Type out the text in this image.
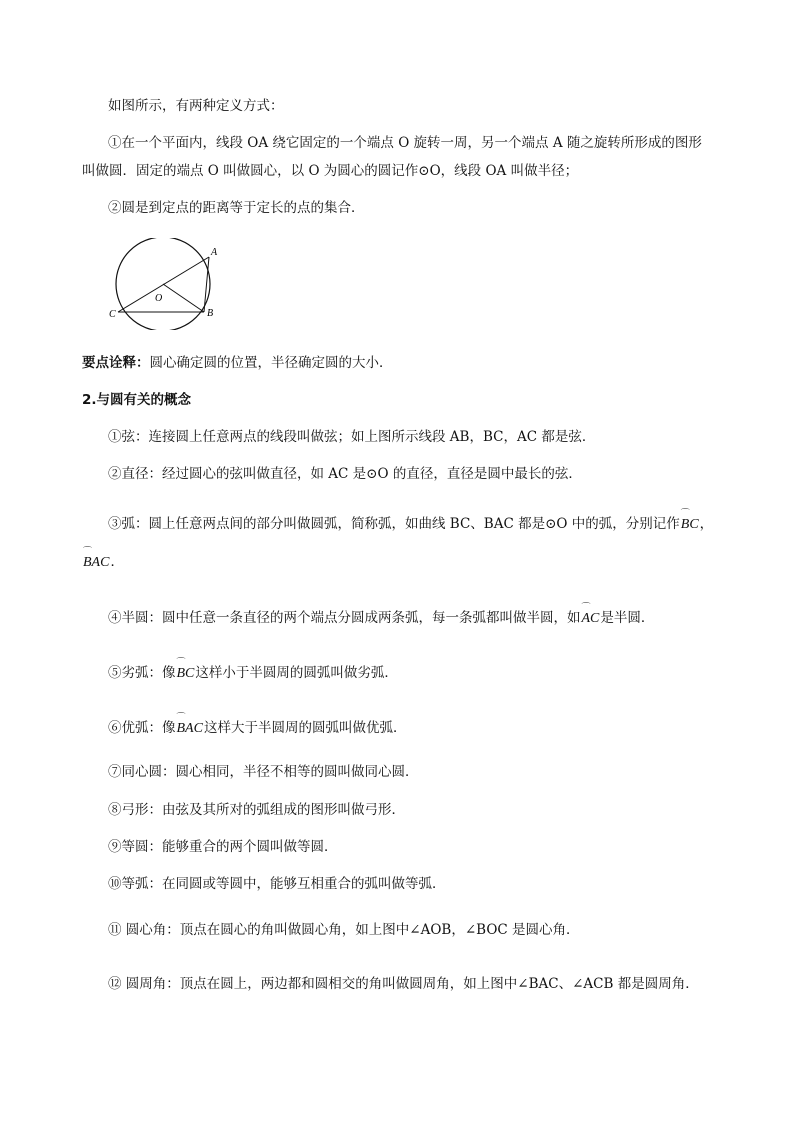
如图所示，有两种定义方式：
①在一个平面内，线段 OA 绕它固定的一个端点 O 旋转一周，另一个端点 A 随之旋转所形成的图形
叫做圆．固定的端点 O 叫做圆心，以 O 为圆心的圆记作⊙O，线段 OA 叫做半径；
②圆是到定点的距离等于定长的点的集合．
A
B
C
O
要点诠释：圆心确定圆的位置，半径确定圆的大小．
2.与圆有关的概念
①弦：连接圆上任意两点的线段叫做弦；如上图所示线段 AB，BC，AC 都是弦．
②直径：经过圆心的弦叫做直径，如 AC 是⊙O 的直径，直径是圆中最长的弦．
③弧：圆上任意两点间的部分叫做圆弧，简称弧，如曲线 BC、BAC 都是⊙O 中的弧，分别记作
⌒
BC，
⌒
BAC．
④半圆：圆中任意一条直径的两个端点分圆成两条弧，每一条弧都叫做半圆，如
⌒
AC是半圆．
⑤劣弧：像
⌒
BC这样小于半圆周的圆弧叫做劣弧．
⑥优弧：像
⌒
BAC这样大于半圆周的圆弧叫做优弧．
⑦同心圆：圆心相同，半径不相等的圆叫做同心圆．
⑧弓形：由弦及其所对的弧组成的图形叫做弓形．
⑨等圆：能够重合的两个圆叫做等圆．
⑩等弧：在同圆或等圆中，能够互相重合的弧叫做等弧．
⑪ 圆心角：顶点在圆心的角叫做圆心角，如上图中∠AOB，∠BOC 是圆心角．
⑫ 圆周角：顶点在圆上，两边都和圆相交的角叫做圆周角，如上图中∠BAC、∠ACB 都是圆周角．
